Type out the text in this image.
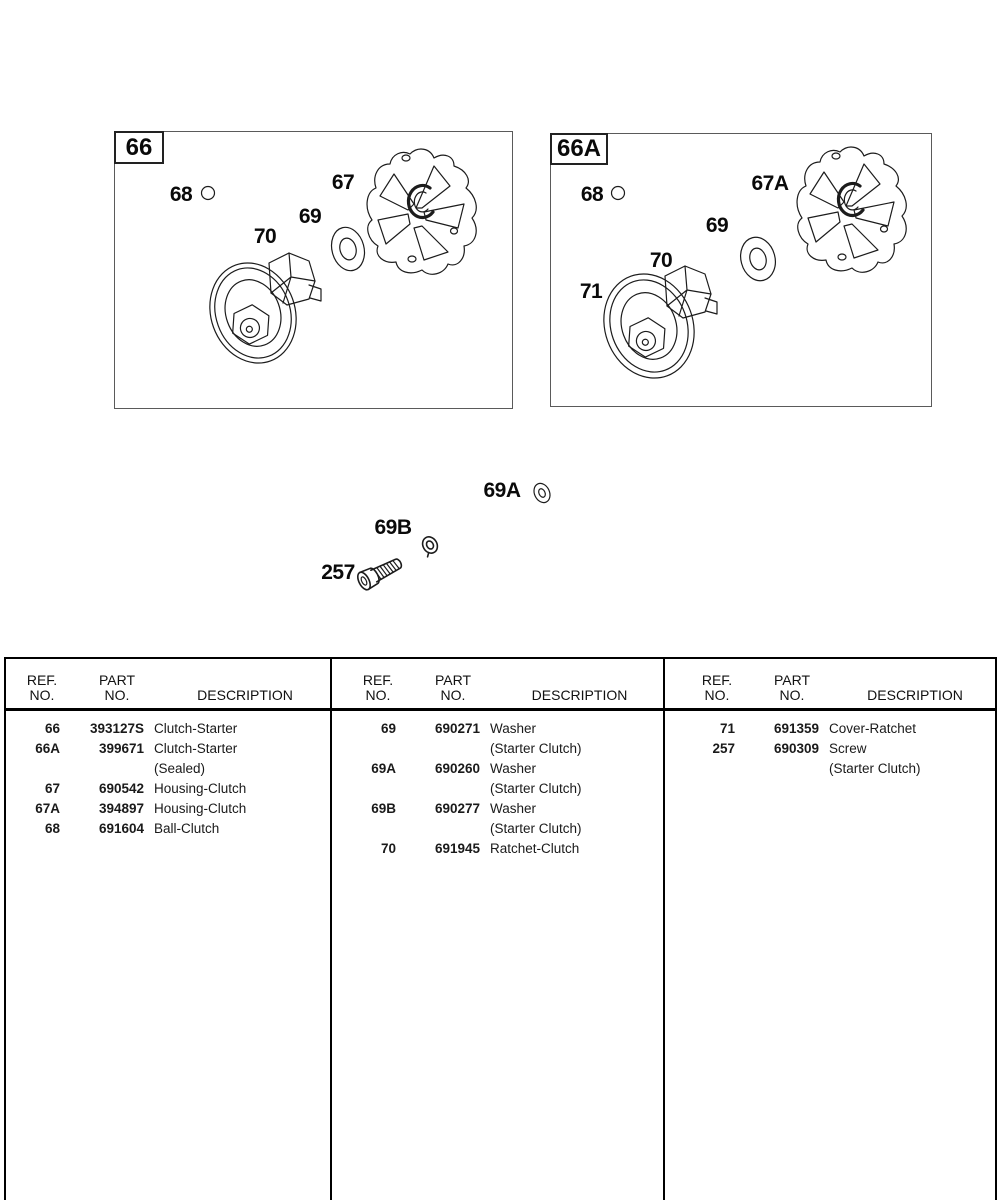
66
68
67
69
70
66A
68	67A
69
70
71
69A
69B
257
REF.
NO.
PART
NO.	DESCRIPTION
66	393127S Clutch-Starter
66A	399671 Clutch-Starter
(Sealed)
67	690542 Housing-Clutch
67A	394897 Housing-Clutch
68	691604 Ball-Clutch
REF.
NO.
PART
NO.	DESCRIPTION
69	690271 Washer
(Starter Clutch)
69A	690260 Washer
(Starter Clutch)
69B	690277 Washer
(Starter Clutch)
70	691945 Ratchet-Clutch
REF.
NO.
PART
NO.	DESCRIPTION
71	691359 Cover-Ratchet
257	690309 Screw
(Starter Clutch)
